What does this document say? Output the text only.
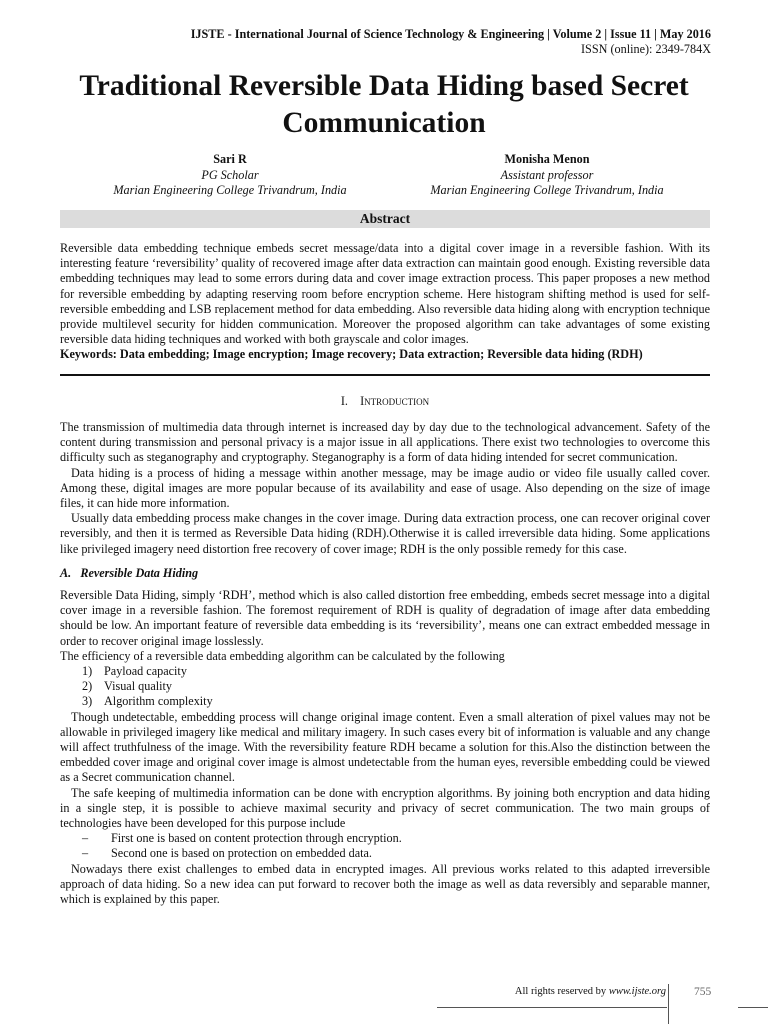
IJSTE - International Journal of Science Technology & Engineering | Volume 2 | Issue 11 | May 2016
ISSN (online): 2349-784X
Traditional Reversible Data Hiding based Secret Communication
Sari R
PG Scholar
Marian Engineering College Trivandrum, India
Monisha Menon
Assistant professor
Marian Engineering College Trivandrum, India
Abstract

Reversible data embedding technique embeds secret message/data into a digital cover image in a reversible fashion. With its interesting feature ‘reversibility’ quality of recovered image after data extraction can maintain good enough. Existing reversible data embedding techniques may lead to some errors during data and cover image extraction process. This paper proposes a new method for reversible embedding by adapting reserving room before encryption scheme. Here histogram shifting method is used for self-reversible embedding and LSB replacement method for data embedding. Also reversible data hiding along with encryption technique provide multilevel security for hidden communication. Moreover the proposed algorithm can take advantages of some existing reversible data hiding techniques and worked with both grayscale and color images.

Keywords: Data embedding; Image encryption; Image recovery; Data extraction; Reversible data hiding (RDH)

I. Introduction

The transmission of multimedia data through internet is increased day by day due to the technological advancement. Safety of the content during transmission and personal privacy is a major issue in all applications. There exist two technologies to overcome this difficulty such as steganography and cryptography. Steganography is a form of data hiding intended for secret communication.

Data hiding is a process of hiding a message within another message, may be image audio or video file usually called cover. Among these, digital images are more popular because of its availability and ease of usage. Also depending on the size of image files, it can hide more information.

Usually data embedding process make changes in the cover image. During data extraction process, one can recover original cover reversibly, and then it is termed as Reversible Data hiding (RDH).Otherwise it is called irreversible data hiding. Some applications like privileged imagery need distortion free recovery of cover image; RDH is the only possible remedy for this case.

A. Reversible Data Hiding

Reversible Data Hiding, simply ‘RDH’, method which is also called distortion free embedding, embeds secret message into a digital cover image in a reversible fashion. The foremost requirement of RDH is quality of degradation of image after data embedding should be low. An important feature of reversible data embedding is its ‘reversibility’, means one can extract embedded message in order to recover original image losslessly.

The efficiency of a reversible data embedding algorithm can be calculated by the following

1) Payload capacity
2) Visual quality
3) Algorithm complexity

Though undetectable, embedding process will change original image content. Even a small alteration of pixel values may not be allowable in privileged imagery like medical and military imagery. In such cases every bit of information is valuable and any change will affect truthfulness of the image. With the reversibility feature RDH became a solution for this.Also the distinction between the embedded cover image and original cover image is almost undetectable from the human eyes, reversible embedding could be viewed as a Secret communication channel.

The safe keeping of multimedia information can be done with encryption algorithms. By joining both encryption and data hiding in a single step, it is possible to achieve maximal security and privacy of secret communication. The two main groups of technologies have been developed for this purpose include

– First one is based on content protection through encryption.
– Second one is based on protection on embedded data.

Nowadays there exist challenges to embed data in encrypted images. All previous works related to this adapted irreversible approach of data hiding. So a new idea can put forward to recover both the image as well as data reversibly and separable manner, which is explained by this paper.

All rights reserved by www.ijste.org 755
